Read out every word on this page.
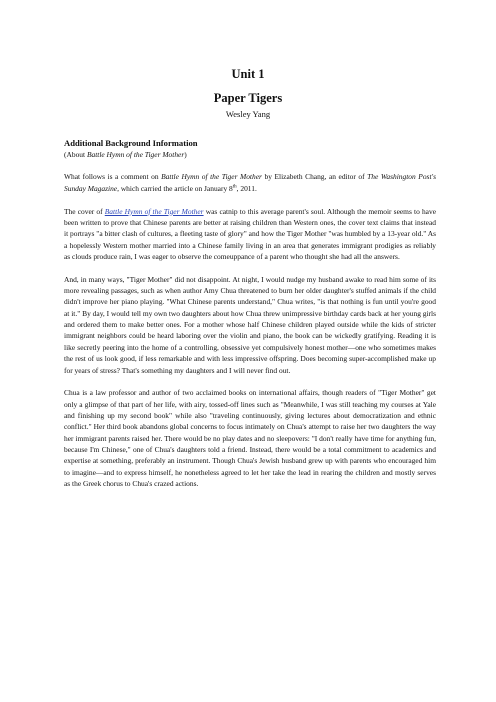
Unit 1
Paper Tigers
Wesley Yang

Additional Background Information

(About Battle Hymn of the Tiger Mother)

What follows is a comment on Battle Hymn of the Tiger Mother by Elizabeth Chang, an editor of The Washington Post's Sunday Magazine, which carried the article on January 8th, 2011.

The cover of Battle Hymn of the Tiger Mother was catnip to this average parent's soul. Although the memoir seems to have been written to prove that Chinese parents are better at raising children than Western ones, the cover text claims that instead it portrays "a bitter clash of cultures, a fleeting taste of glory" and how the Tiger Mother "was humbled by a 13-year old." As a hopelessly Western mother married into a Chinese family living in an area that generates immigrant prodigies as reliably as clouds produce rain, I was eager to observe the comeuppance of a parent who thought she had all the answers.

And, in many ways, "Tiger Mother" did not disappoint. At night, I would nudge my husband awake to read him some of its more revealing passages, such as when author Amy Chua threatened to burn her older daughter's stuffed animals if the child didn't improve her piano playing. "What Chinese parents understand," Chua writes, "is that nothing is fun until you're good at it." By day, I would tell my own two daughters about how Chua threw unimpressive birthday cards back at her young girls and ordered them to make better ones. For a mother whose half Chinese children played outside while the kids of stricter immigrant neighbors could be heard laboring over the violin and piano, the book can be wickedly gratifying. Reading it is like secretly peering into the home of a controlling, obsessive yet compulsively honest mother—one who sometimes makes the rest of us look good, if less remarkable and with less impressive offspring. Does becoming super-accomplished make up for years of stress? That's something my daughters and I will never find out.

Chua is a law professor and author of two acclaimed books on international affairs, though readers of "Tiger Mother" get only a glimpse of that part of her life, with airy, tossed-off lines such as "Meanwhile, I was still teaching my courses at Yale and finishing up my second book" while also "traveling continuously, giving lectures about democratization and ethnic conflict." Her third book abandons global concerns to focus intimately on Chua's attempt to raise her two daughters the way her immigrant parents raised her. There would be no play dates and no sleepovers: "I don't really have time for anything fun, because I'm Chinese," one of Chua's daughters told a friend. Instead, there would be a total commitment to academics and expertise at something, preferably an instrument. Though Chua's Jewish husband grew up with parents who encouraged him to imagine—and to express himself, he nonetheless agreed to let her take the lead in rearing the children and mostly serves as the Greek chorus to Chua's crazed actions.
